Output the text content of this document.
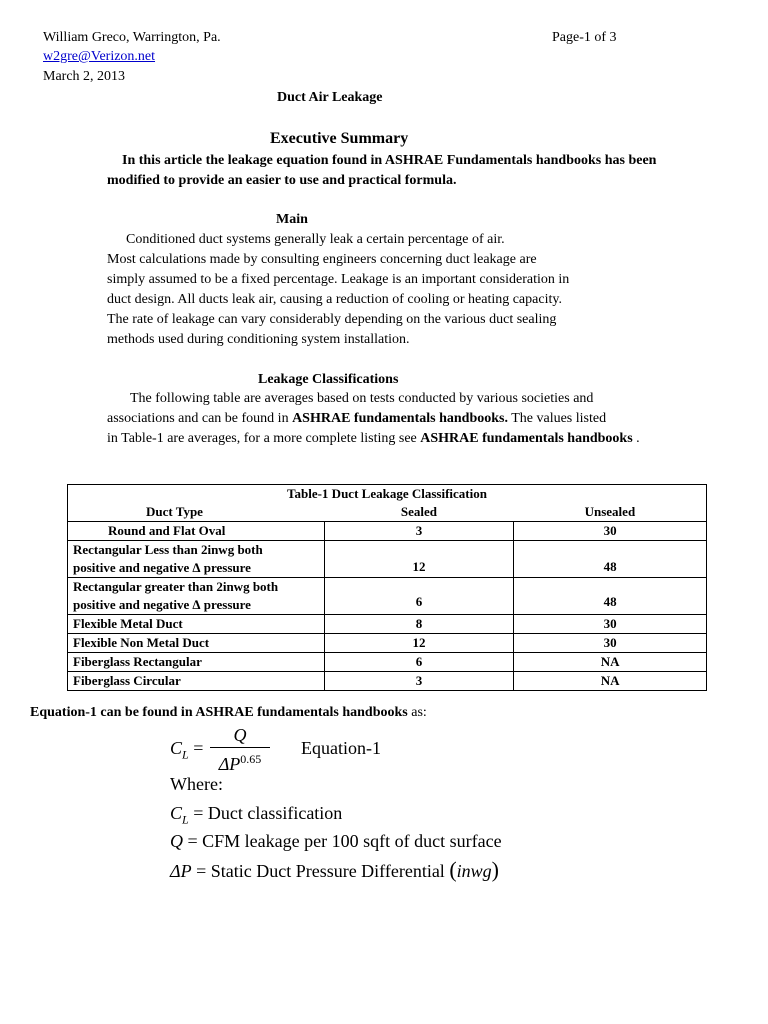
William Greco, Warrington, Pa.	Page-1 of 3
w2gre@Verizon.net
March 2, 2013
Duct Air Leakage
Executive Summary
In this article the leakage equation found in ASHRAE Fundamentals handbooks has been
modified to provide an easier to use and practical formula.
Main
Conditioned duct systems generally leak a certain percentage of air.
Most calculations made by consulting engineers concerning duct leakage are
simply assumed to be a fixed percentage. Leakage is an important consideration in
duct design. All ducts leak air, causing a reduction of cooling or heating capacity.
The rate of leakage can vary considerably depending on the various duct sealing
methods used during conditioning system installation.
Leakage Classifications
The following table are averages based on tests conducted by various societies and
associations and can be found in ASHRAE fundamentals handbooks. The values listed
in Table-1 are averages, for a more complete listing see ASHRAE fundamentals handbooks .
Table-1 Duct Leakage Classification		
Duct Type	Sealed	Unsealed
Round and Flat Oval	3	30

Rectangular Less than 2inwg both
positive and negative ∆ pressure	12	48

Rectangular greater than 2inwg both
positive and negative ∆ pressure	6	48
Flexible Metal Duct	8	30
Flexible Non Metal Duct	12	30
Fiberglass Rectangular	6	NA
Fiberglass Circular	3	NA
Equation-1 can be found in ASHRAE fundamentals handbooks as:
$C_L$ =
Q
$\Delta P^{0.65}$
Equation-1
Where:
$C_L$ = Duct classification
Q = CFM leakage per 100 sqft of duct surface
ΔP = Static Duct Pressure Differential (inwg)
